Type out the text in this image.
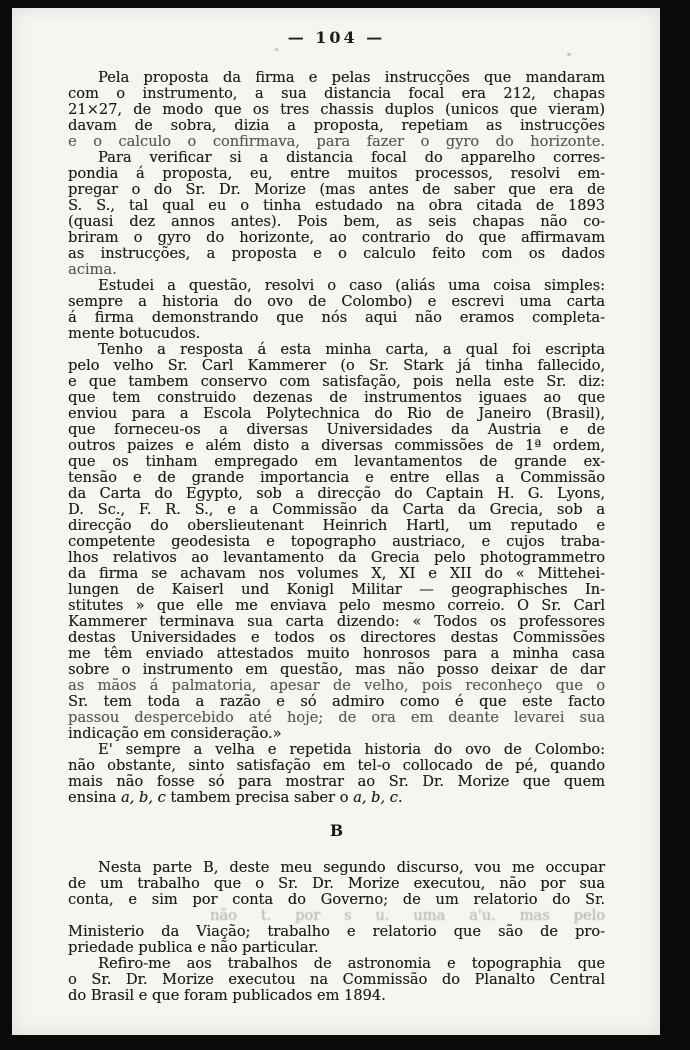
— 104 —
Pela proposta da firma e pelas instrucções que mandaram
com o instrumento, a sua distancia focal era 212, chapas
21×27, de modo que os tres chassis duplos (unicos que vieram)
davam de sobra, dizia a proposta, repetiam as instrucções
e o calculo o confirmava, para fazer o gyro do horizonte.
Para verificar si a distancia focal do apparelho corres-
pondia á proposta, eu, entre muitos processos, resolvi em-
pregar o do Sr. Dr. Morize (mas antes de saber que era de
S. S., tal qual eu o tinha estudado na obra citada de 1893
(quasi dez annos antes). Pois bem, as seis chapas não co-
briram o gyro do horizonte, ao contrario do que affirmavam
as instrucções, a proposta e o calculo feito com os dados
acima.
Estudei a questão, resolvi o caso (aliás uma coisa simples:
sempre a historia do ovo de Colombo) e escrevi uma carta
á firma demonstrando que nós aqui não eramos completa-
mente botucudos.
Tenho a resposta á esta minha carta, a qual foi escripta
pelo velho Sr. Carl Kammerer (o Sr. Stark já tinha fallecido,
e que tambem conservo com satisfação, pois nella este Sr. diz:
que tem construido dezenas de instrumentos iguaes ao que
enviou para a Escola Polytechnica do Rio de Janeiro (Brasil),
que forneceu-os a diversas Universidades da Austria e de
outros paizes e além disto a diversas commissões de 1ª ordem,
que os tinham empregado em levantamentos de grande ex-
tensão e de grande importancia e entre ellas a Commissão
da Carta do Egypto, sob a direcção do Captain H. G. Lyons,
D. Sc., F. R. S., e a Commissão da Carta da Grecia, sob a
direcção do oberslieutenant Heinrich Hartl, um reputado e
competente geodesista e topographo austriaco, e cujos traba-
lhos relativos ao levantamento da Grecia pelo photogrammetro
da firma se achavam nos volumes X, XI e XII do « Mittehei-
lungen de Kaiserl und Konigl Militar — geographisches In-
stitutes » que elle me enviava pelo mesmo correio. O Sr. Carl
Kammerer terminava sua carta dizendo: « Todos os professores
destas Universidades e todos os directores destas Commissões
me têm enviado attestados muito honrosos para a minha casa
sobre o instrumento em questão, mas não posso deixar de dar
as mãos á palmatoria, apesar de velho, pois reconheço que o
Sr. tem toda a razão e só admiro como é que este facto
passou despercebido até hoje; de ora em deante levarei sua
indicação em consideração.»
E' sempre a velha e repetida historia do ovo de Colombo:
não obstante, sinto satisfação em tel-o collocado de pé, quando
mais não fosse só para mostrar ao Sr. Dr. Morize que quem
ensina a, b, c tambem precisa saber o a, b, c.
B
Nesta parte B, deste meu segundo discurso, vou me occupar
de um trabalho que o Sr. Dr. Morize executou, não por sua
conta, e sim por conta do Governo; de um relatorio do Sr.
não t. por s u. uma a'u. mas pelo
Ministerio da Viação; trabalho e relatorio que são de pro-
priedade publica e não particular.
Refiro-me aos trabalhos de astronomia e topographia que
o Sr. Dr. Morize executou na Commissão do Planalto Central
do Brasil e que foram publicados em 1894.
